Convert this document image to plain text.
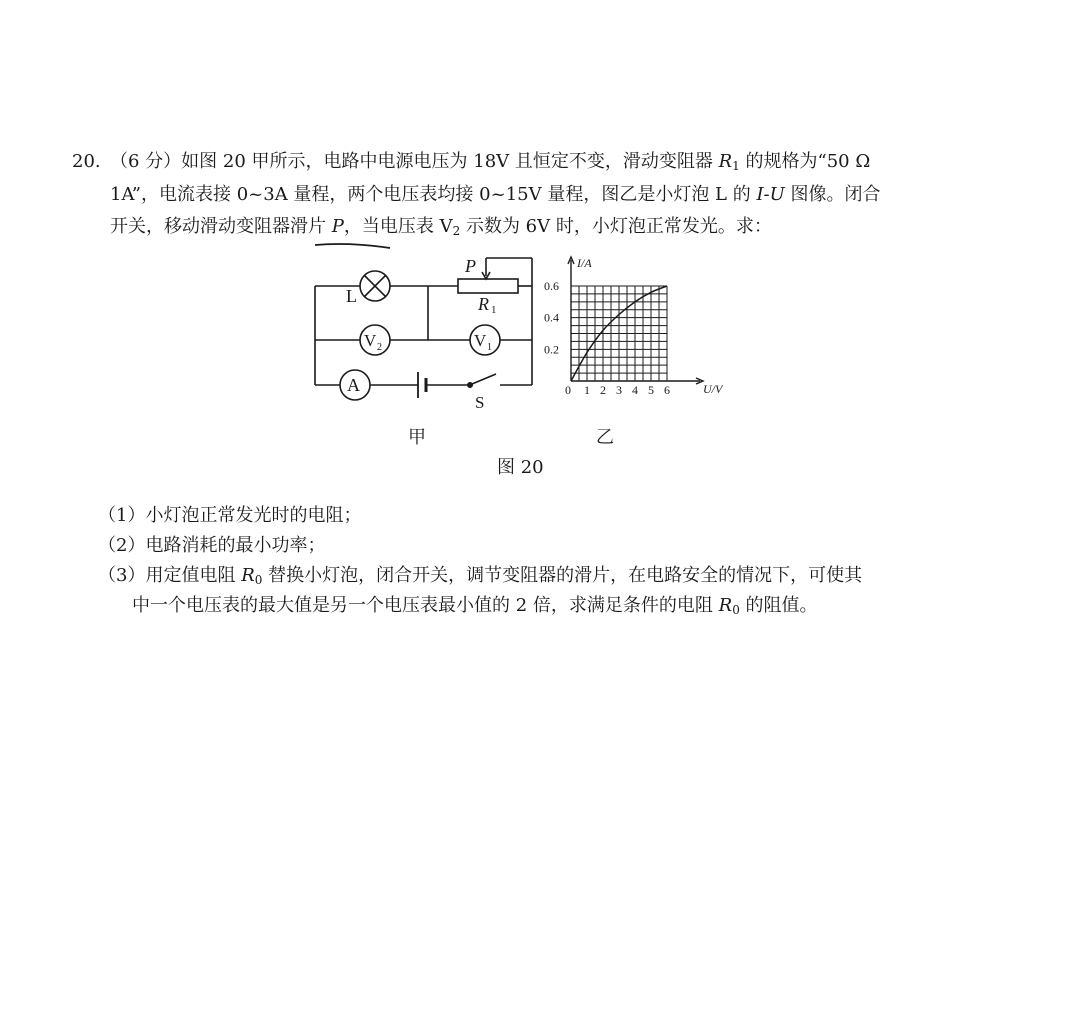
20. （6 分）如图 20 甲所示，电路中电源电压为 18V 且恒定不变，滑动变阻器 $R_1$ 的规格为“50 Ω
1A”，电流表接 0~3A 量程，两个电压表均接 0~15V 量程，图乙是小灯泡 L 的 I-U 图像。闭合
开关，移动滑动变阻器滑片 P，当电压表 $V_2$ 示数为 6V 时，小灯泡正常发光。求：
L
P
R 1
V 2	V 1
A
S
I/A
U/V
0.2
0.4
0.6
0 1 2 3 4 5 6
甲	乙
图 20
（1）小灯泡正常发光时的电阻；
（2）电路消耗的最小功率；
（3）用定值电阻 $R_0$ 替换小灯泡，闭合开关，调节变阻器的滑片，在电路安全的情况下，可使其
中一个电压表的最大值是另一个电压表最小值的 2 倍，求满足条件的电阻 $R_0$ 的阻值。
